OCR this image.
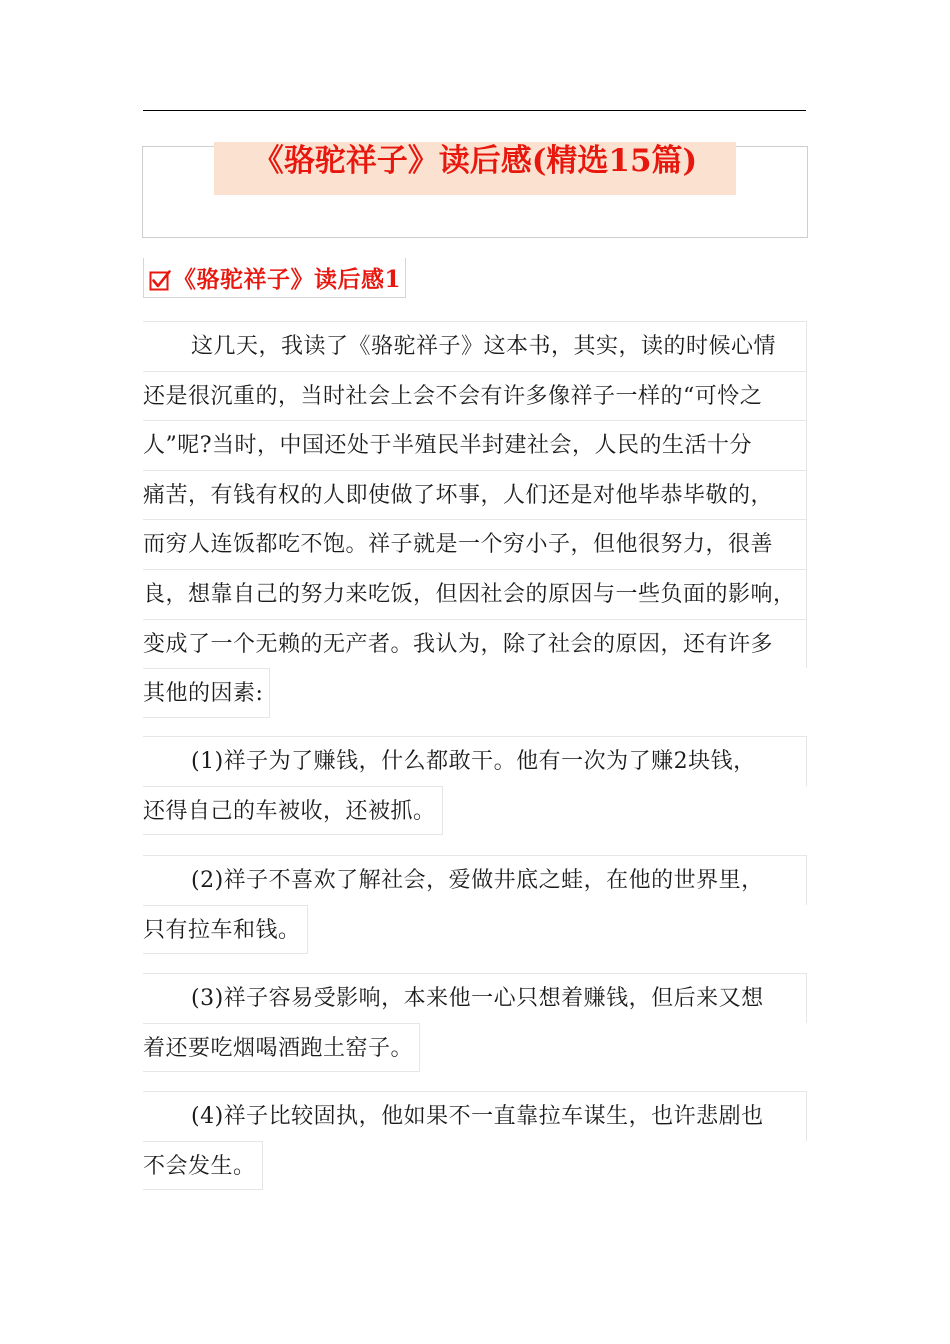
《骆驼祥子》读后感(精选15篇)
《骆驼祥子》读后感1
这几天，我读了《骆驼祥子》这本书，其实，读的时候心情
还是很沉重的，当时社会上会不会有许多像祥子一样的“可怜之
人”呢?当时，中国还处于半殖民半封建社会，人民的生活十分
痛苦，有钱有权的人即使做了坏事，人们还是对他毕恭毕敬的，
而穷人连饭都吃不饱。祥子就是一个穷小子，但他很努力，很善
良，想靠自己的努力来吃饭，但因社会的原因与一些负面的影响，
变成了一个无赖的无产者。我认为，除了社会的原因，还有许多
其他的因素:
(1)祥子为了赚钱，什么都敢干。他有一次为了赚2块钱，
还得自己的车被收，还被抓。
(2)祥子不喜欢了解社会，爱做井底之蛙，在他的世界里，
只有拉车和钱。
(3)祥子容易受影响，本来他一心只想着赚钱，但后来又想
着还要吃烟喝酒跑土窑子。
(4)祥子比较固执，他如果不一直靠拉车谋生，也许悲剧也
不会发生。
